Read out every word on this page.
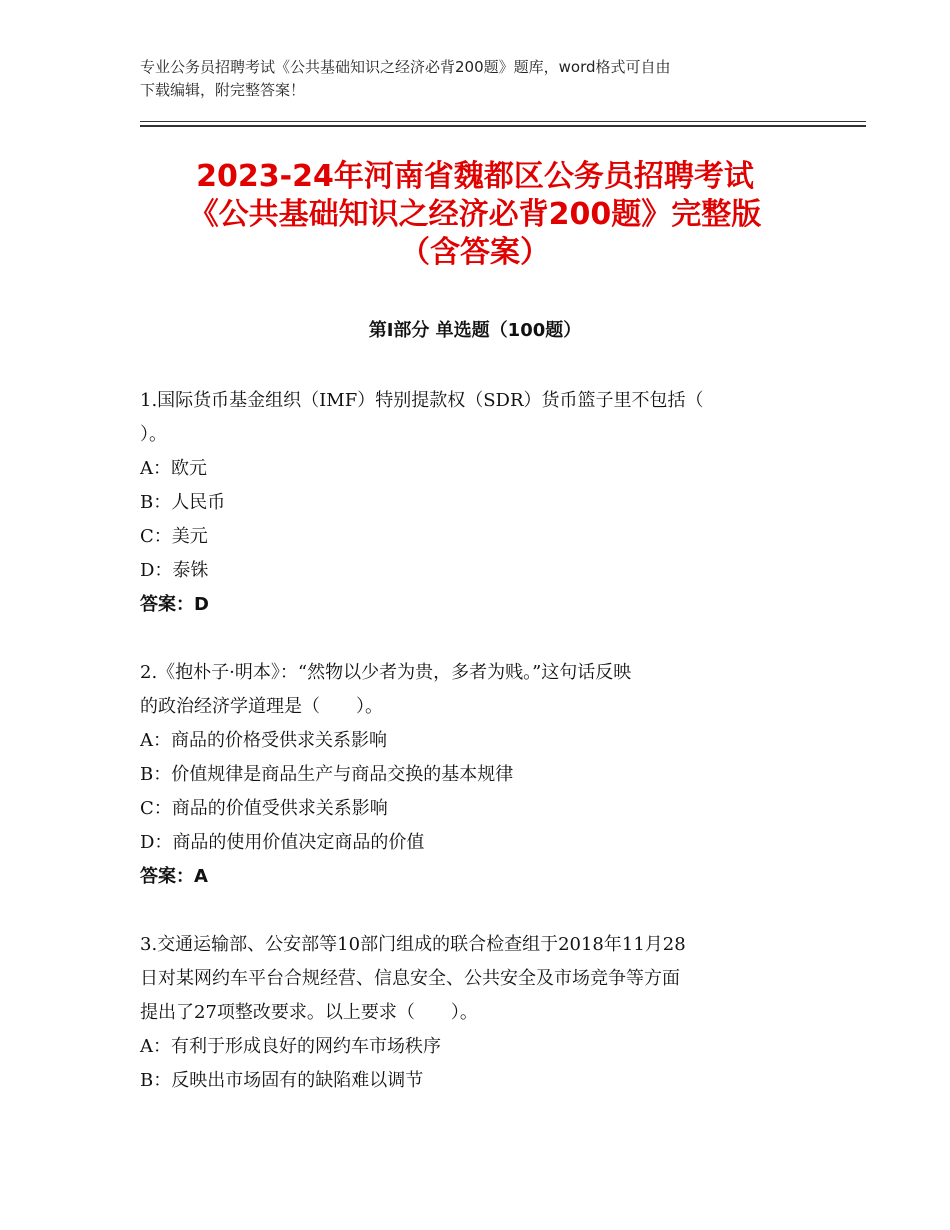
专业公务员招聘考试《公共基础知识之经济必背200题》题库，word格式可自由
下载编辑，附完整答案！
2023-24年河南省魏都区公务员招聘考试
《公共基础知识之经济必背200题》完整版
（含答案）
第Ⅰ部分 单选题（100题）
1.国际货币基金组织（IMF）特别提款权（SDR）货币篮子里不包括（
）。
A：欧元
B：人民币
C：美元
D：泰铢
答案：D
2.《抱朴子·明本》：“然物以少者为贵，多者为贱。”这句话反映
的政治经济学道理是（　　）。
A：商品的价格受供求关系影响
B：价值规律是商品生产与商品交换的基本规律
C：商品的价值受供求关系影响
D：商品的使用价值决定商品的价值
答案：A
3.交通运输部、公安部等10部门组成的联合检查组于2018年11月28
日对某网约车平台合规经营、信息安全、公共安全及市场竞争等方面
提出了27项整改要求。以上要求（　　）。
A：有利于形成良好的网约车市场秩序
B：反映出市场固有的缺陷难以调节
